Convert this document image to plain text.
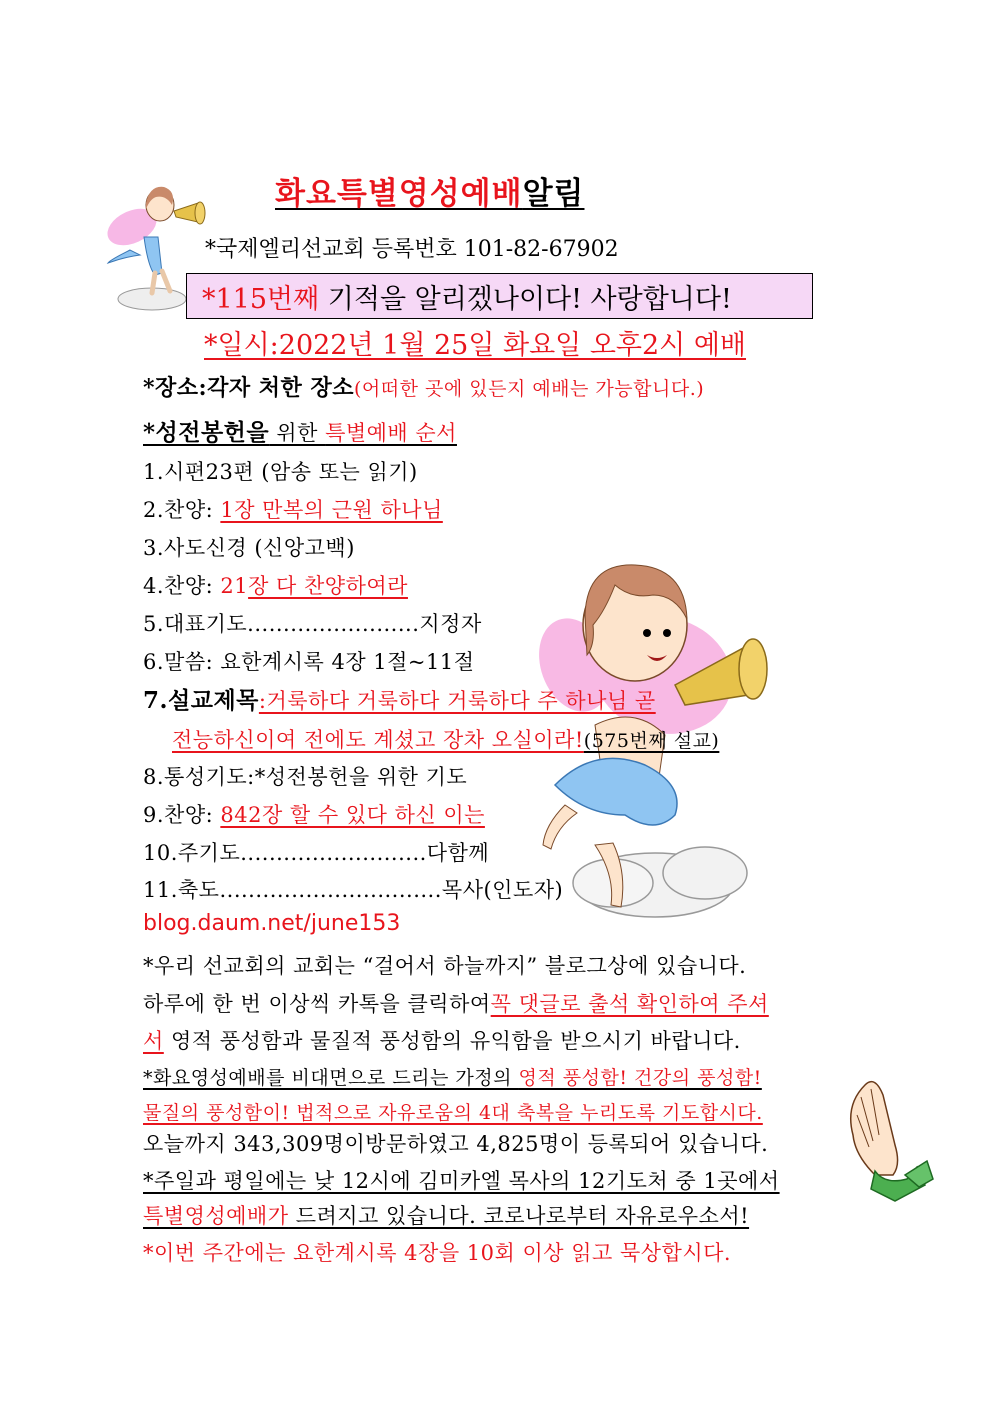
화요특별영성예배알림
*국제엘리선교회 등록번호 101-82-67902
*115번째 기적을 알리겠나이다! 사랑합니다!
*일시:2022년 1월 25일 화요일 오후2시 예배
*장소:각자 처한 장소(어떠한 곳에 있든지 예배는 가능합니다.)
*성전봉헌을 위한 특별예배 순서
1.시편23편 (암송 또는 읽기)
2.찬양: 1장 만복의 근원 하나님
3.사도신경 (신앙고백)
4.찬양: 21장 다 찬양하여라
5.대표기도........................지정자
6.말씀: 요한계시록 4장 1절~11절
7.설교제목:거룩하다 거룩하다 거룩하다 주 하나님 곧
전능하신이여 전에도 계셨고 장차 오실이라!(575번째 설교)
8.통성기도:*성전봉헌을 위한 기도
9.찬양: 842장 할 수 있다 하신 이는
10.주기도..........................다함께
11.축도...............................목사(인도자)
blog.daum.net/june153
*우리 선교회의 교회는 “걸어서 하늘까지” 블로그상에 있습니다.
하루에 한 번 이상씩 카톡을 클릭하여꼭 댓글로 출석 확인하여 주셔
서 영적 풍성함과 물질적 풍성함의 유익함을 받으시기 바랍니다.
*화요영성예배를 비대면으로 드리는 가정의 영적 풍성함! 건강의 풍성함!
물질의 풍성함이! 법적으로 자유로움의 4대 축복을 누리도록 기도합시다.
오늘까지 343,309명이방문하였고 4,825명이 등록되어 있습니다.
*주일과 평일에는 낮 12시에 김미카엘 목사의 12기도처 중 1곳에서
특별영성예배가 드려지고 있습니다. 코로나로부터 자유로우소서!
*이번 주간에는 요한계시록 4장을 10회 이상 읽고 묵상합시다.
